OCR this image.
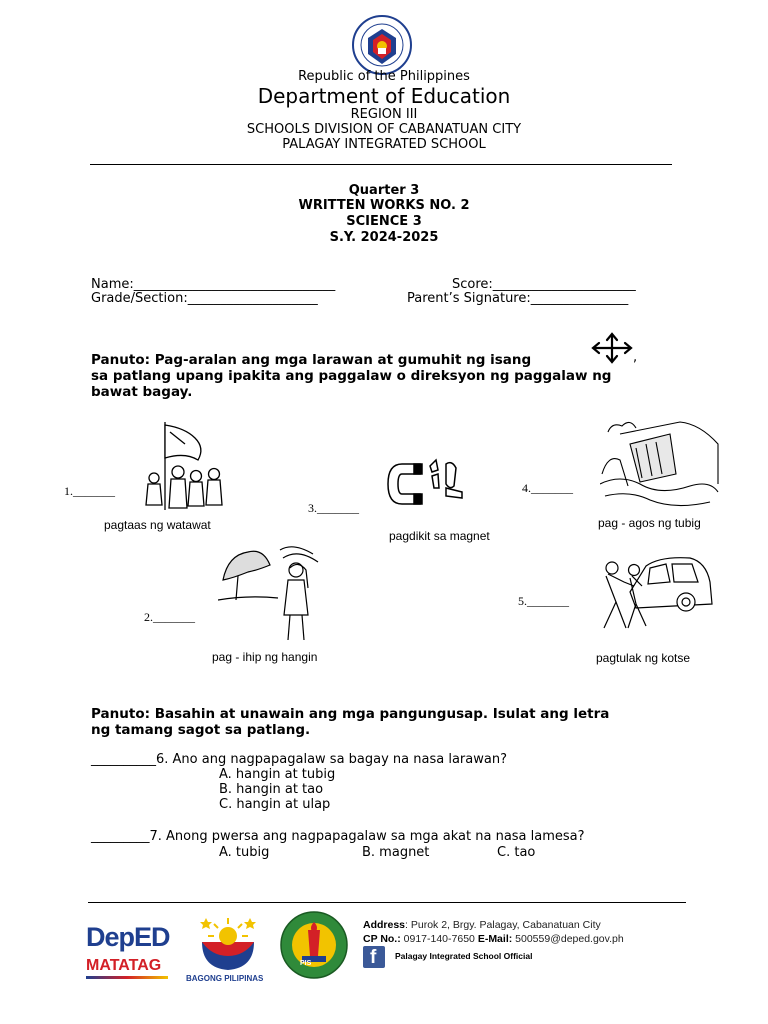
Republic of the Philippines
Department of Education
REGION III
SCHOOLS DIVISION OF CABANATUAN CITY
PALAGAY INTEGRATED SCHOOL
Quarter 3
WRITTEN WORKS NO. 2
SCIENCE 3
S.Y. 2024-2025
Name:_______________________________	Score:______________________
Grade/Section:____________________	Parent’s Signature:_______________
Panuto: Pag-aralan ang mga larawan at gumuhit ng isang	,
sa patlang upang ipakita ang paggalaw o direksyon ng paggalaw ng
bawat bagay.
1._______
pagtaas ng watawat
2._______
pag - ihip ng hangin
3._______
pagdikit sa magnet
4._______
pag - agos ng tubig
5._______
pagtulak ng kotse
Panuto: Basahin at unawain ang mga pangungusap. Isulat ang letra
ng tamang sagot sa patlang.
__________6. Ano ang nagpapagalaw sa bagay na nasa larawan?
A. hangin at tubig
B. hangin at tao
C. hangin at ulap
_________7. Anong pwersa ang nagpapagalaw sa mga akat na nasa lamesa?
A. tubig	B. magnet	C. tao
DepED
MATATAG
BAGONG PILIPINAS
PIS
Address: Purok 2, Brgy. Palagay, Cabanatuan City
CP No.: 0917-140-7650 E-Mail: 500559@deped.gov.ph
f Palagay Integrated School Official
